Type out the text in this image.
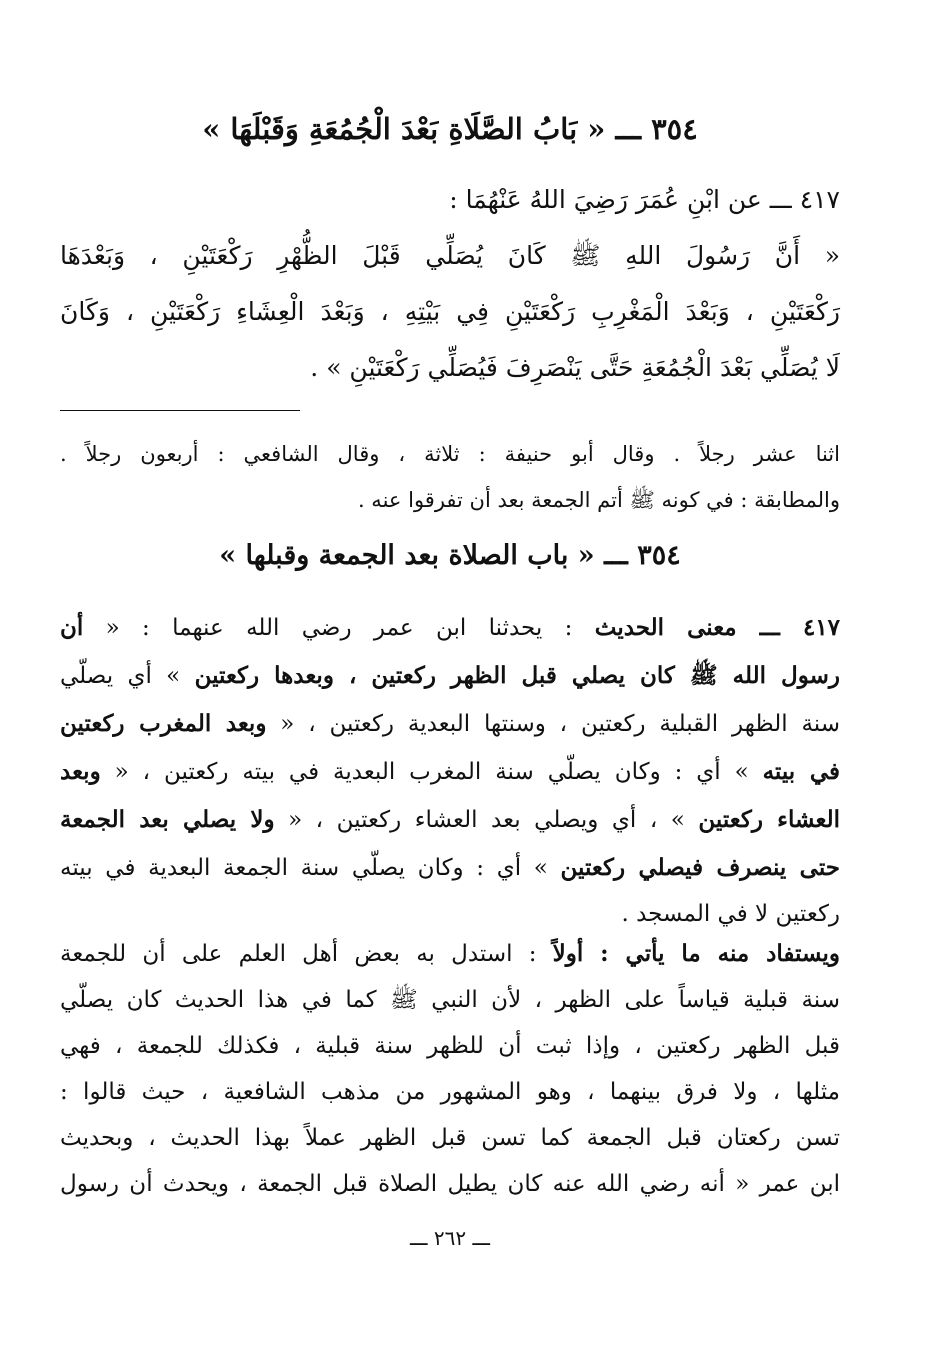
٣٥٤ ـــ « بَابُ الصَّلَاةِ بَعْدَ الْجُمُعَةِ وَقَبْلَهَا »
٤١٧ ـــ عن ابْنِ عُمَرَ رَضِيَ اللهُ عَنْهُمَا :
« أَنَّ رَسُولَ اللهِ ﷺ كَانَ يُصَلِّي قَبْلَ الظُّهْرِ رَكْعَتَيْنِ ، وَبَعْدَهَا
رَكْعَتَيْنِ ، وَبَعْدَ الْمَغْرِبِ رَكْعَتَيْنِ فِي بَيْتِهِ ، وَبَعْدَ الْعِشَاءِ رَكْعَتَيْنِ ، وَكَانَ
لَا يُصَلِّي بَعْدَ الْجُمُعَةِ حَتَّى يَنْصَرِفَ فَيُصَلِّي رَكْعَتَيْنِ » .
اثنا عشر رجلاً . وقال أبو حنيفة : ثلاثة ، وقال الشافعي : أربعون رجلاً .
والمطابقة : في كونه ﷺ أتم الجمعة بعد أن تفرقوا عنه .
٣٥٤ ـــ « باب الصلاة بعد الجمعة وقبلها »
٤١٧ ـــ معنى الحديث : يحدثنا ابن عمر رضي الله عنهما : « أن
رسول الله ﷺ كان يصلي قبل الظهر ركعتين ، وبعدها ركعتين » أي يصلّي
سنة الظهر القبلية ركعتين ، وسنتها البعدية ركعتين ، « وبعد المغرب ركعتين
في بيته » أي : وكان يصلّي سنة المغرب البعدية في بيته ركعتين ، « وبعد
العشاء ركعتين » ، أي ويصلي بعد العشاء ركعتين ، « ولا يصلي بعد الجمعة
حتى ينصرف فيصلي ركعتين » أي : وكان يصلّي سنة الجمعة البعدية في بيته
ركعتين لا في المسجد .
ويستفاد منه ما يأتي : أولاً : استدل به بعض أهل العلم على أن للجمعة
سنة قبلية قياساً على الظهر ، لأن النبي ﷺ كما في هذا الحديث كان يصلّي
قبل الظهر ركعتين ، وإذا ثبت أن للظهر سنة قبلية ، فكذلك للجمعة ، فهي
مثلها ، ولا فرق بينهما ، وهو المشهور من مذهب الشافعية ، حيث قالوا :
تسن ركعتان قبل الجمعة كما تسن قبل الظهر عملاً بهذا الحديث ، وبحديث
ابن عمر « أنه رضي الله عنه كان يطيل الصلاة قبل الجمعة ، ويحدث أن رسول
ـــ ٢٦٢ ـــ
